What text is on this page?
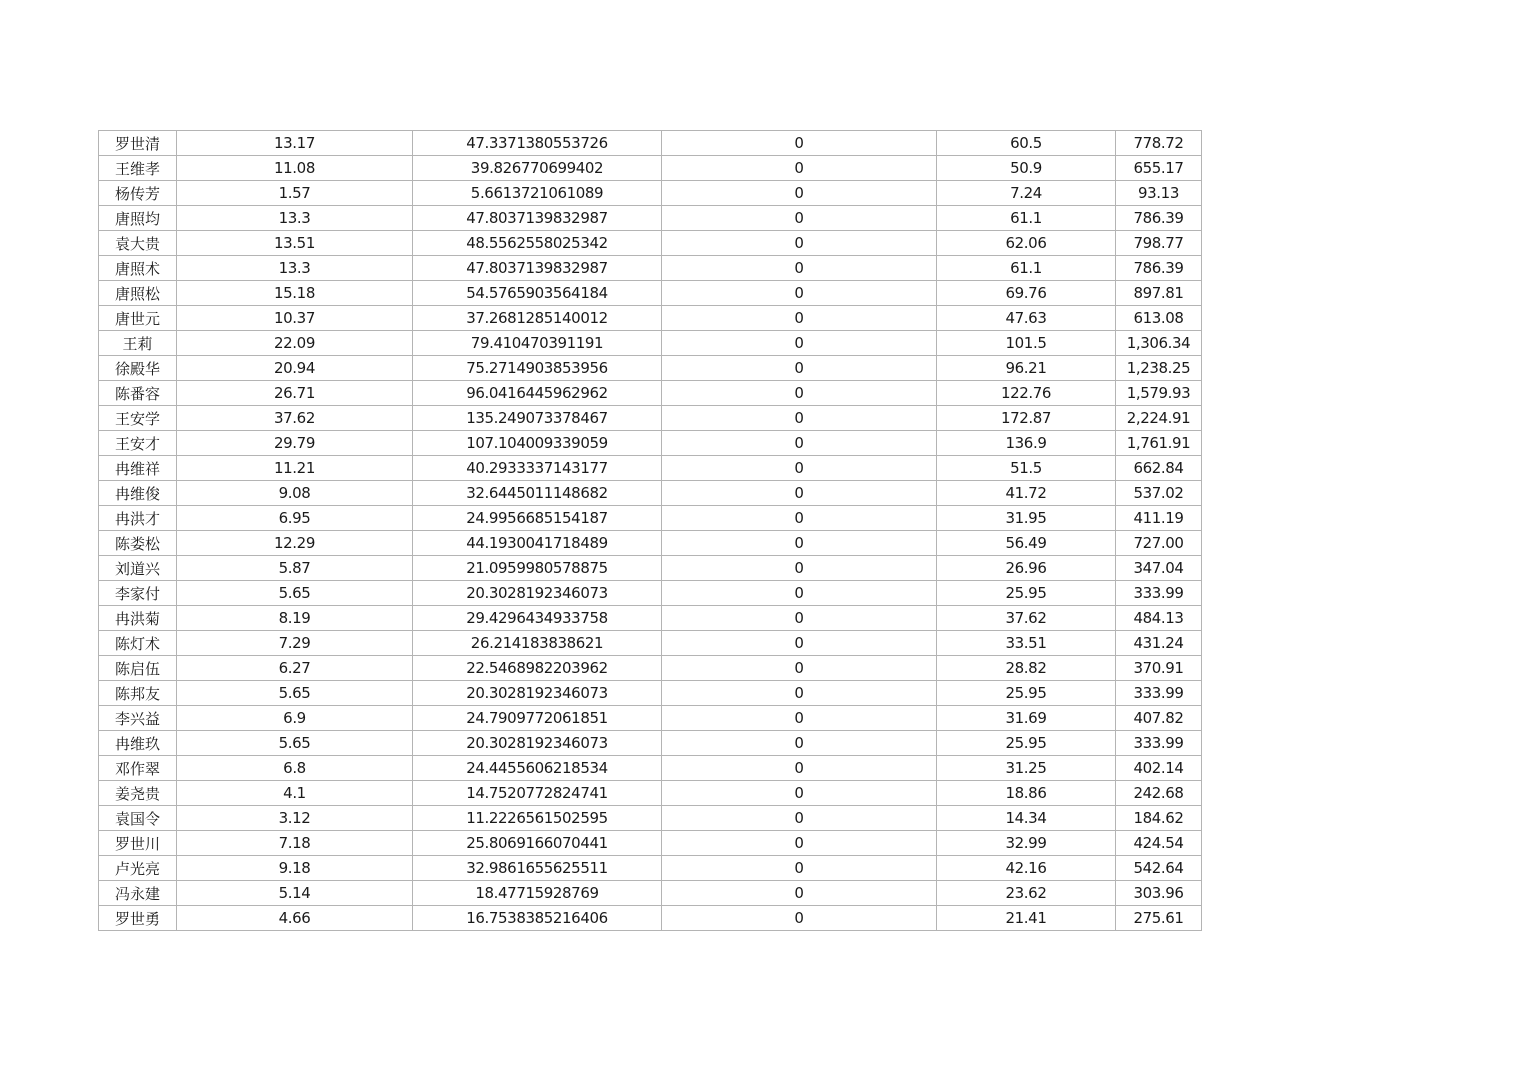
罗世清	13.17	47.3371380553726	0	60.5	778.72
王维孝	11.08	39.826770699402	0	50.9	655.17
杨传芳	1.57	5.6613721061089	0	7.24	93.13
唐照均	13.3	47.8037139832987	0	61.1	786.39
袁大贵	13.51	48.5562558025342	0	62.06	798.77
唐照术	13.3	47.8037139832987	0	61.1	786.39
唐照松	15.18	54.5765903564184	0	69.76	897.81
唐世元	10.37	37.2681285140012	0	47.63	613.08
王莉	22.09	79.410470391191	0	101.5	1,306.34
徐殿华	20.94	75.2714903853956	0	96.21	1,238.25
陈番容	26.71	96.0416445962962	0	122.76	1,579.93
王安学	37.62	135.249073378467	0	172.87	2,224.91
王安才	29.79	107.104009339059	0	136.9	1,761.91
冉维祥	11.21	40.2933337143177	0	51.5	662.84
冉维俊	9.08	32.6445011148682	0	41.72	537.02
冉洪才	6.95	24.9956685154187	0	31.95	411.19
陈娄松	12.29	44.1930041718489	0	56.49	727.00
刘道兴	5.87	21.0959980578875	0	26.96	347.04
李家付	5.65	20.3028192346073	0	25.95	333.99
冉洪菊	8.19	29.4296434933758	0	37.62	484.13
陈灯术	7.29	26.214183838621	0	33.51	431.24
陈启伍	6.27	22.5468982203962	0	28.82	370.91
陈邦友	5.65	20.3028192346073	0	25.95	333.99
李兴益	6.9	24.7909772061851	0	31.69	407.82
冉维玖	5.65	20.3028192346073	0	25.95	333.99
邓作翠	6.8	24.4455606218534	0	31.25	402.14
姜尧贵	4.1	14.7520772824741	0	18.86	242.68
袁国令	3.12	11.2226561502595	0	14.34	184.62
罗世川	7.18	25.8069166070441	0	32.99	424.54
卢光亮	9.18	32.9861655625511	0	42.16	542.64
冯永建	5.14	18.47715928769	0	23.62	303.96
罗世勇	4.66	16.7538385216406	0	21.41	275.61
